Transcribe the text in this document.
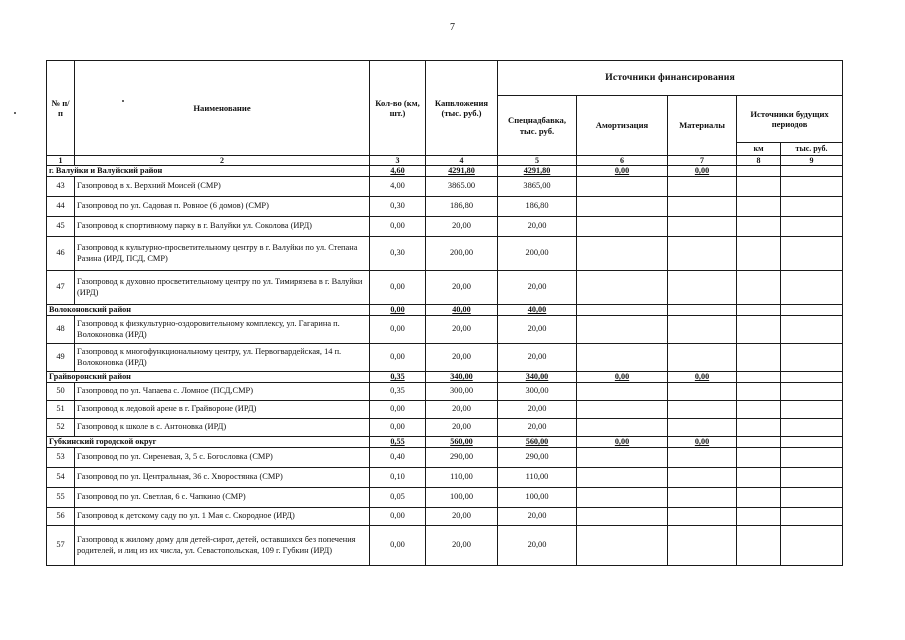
7
№ п/п	Наименование	Кол-во (км, шт.)	Капвложения (тыс. руб.)	Источники финансирования				
				Спецнадбавка, тыс. руб.	Амортизация	Материалы	Источники будущих периодов	
							км	тыс. руб.
1	2	3	4	5	6	7	8	9
г. Валуйки и Валуйский район		4,60	4291,80	4291,80	0,00	0,00		
43	Газопровод в х. Верхний Моисей (СМР)	4,00	3865.00	3865,00				
44	Газопровод по ул. Садовая п. Ровное (6 домов) (СМР)	0,30	186,80	186,80				
45	Газопровод к спортивному парку в г. Валуйки ул. Соколова (ИРД)	0,00	20,00	20,00				
46	Газопровод к культурно-просветительному центру в г. Валуйки по ул. Степана Разина (ИРД, ПСД, СМР)	0,30	200,00	200,00				
47	Газопровод к духовно просветительному центру по ул. Тимирязева в г. Валуйки (ИРД)	0,00	20,00	20,00				
Волоконовский район		0,00	40,00	40,00				
48	Газопровод к физкультурно-оздоровительному комплексу, ул. Гагарина п. Волоконовка (ИРД)	0,00	20,00	20,00				
49	Газопровод к многофункциональному центру, ул. Первогвардейская, 14 п. Волоконовка (ИРД)	0,00	20,00	20,00				
Грайворонский район		0,35	340,00	340,00	0,00	0,00		
50	Газопровод по ул. Чапаева с. Ломное (ПСД,СМР)	0,35	300,00	300,00				
51	Газопровод к ледовой арене в г. Грайвороне (ИРД)	0,00	20,00	20,00				
52	Газопровод к школе в с. Антоновка (ИРД)	0,00	20,00	20,00				
Губкинский городской округ		0,55	560,00	560,00	0,00	0,00		
53	Газопровод по ул. Сиреневая, 3, 5 с. Богословка (СМР)	0,40	290,00	290,00				
54	Газопровод по ул. Центральная, 36 с. Хворостянка (СМР)	0,10	110,00	110,00				
55	Газопровод по ул. Светлая, 6 с. Чапкино (СМР)	0,05	100,00	100,00				
56	Газопровод к детскому саду по ул. 1 Мая с. Скородное (ИРД)	0,00	20,00	20,00				
57	Газопровод к жилому дому для детей-сирот, детей, оставшихся без попечения родителей, и лиц из их числа, ул. Севастопольская, 109 г. Губкин (ИРД)	0,00	20,00	20,00				
